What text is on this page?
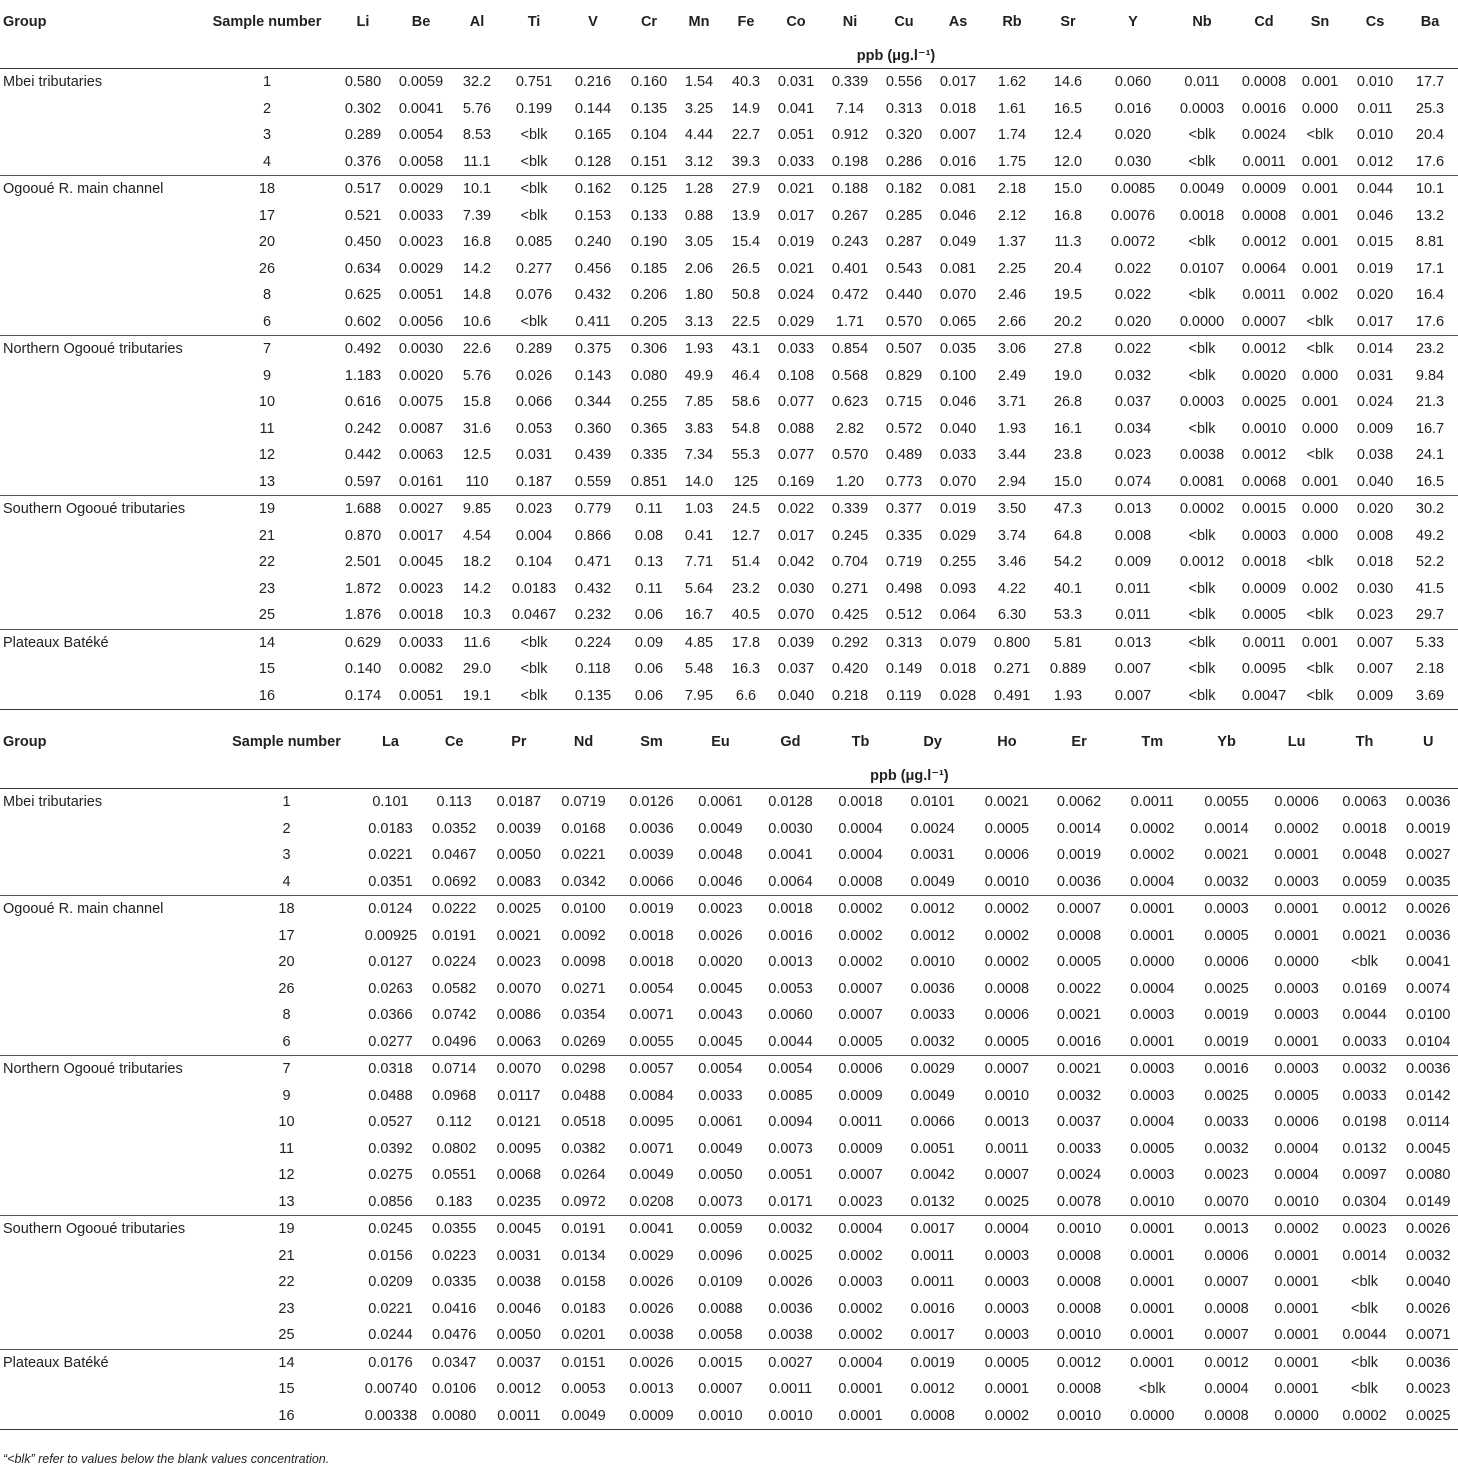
Group	Sample number	Li	Be	Al	Ti	V	Cr	Mn	Fe	Co	Ni	Cu	As	Rb	Sr	Y	Nb	Cd	Sn	Cs	Ba
		ppb (μg.l⁻¹)																			
Mbei tributaries	1	0.580	0.0059	32.2	0.751	0.216	0.160	1.54	40.3	0.031	0.339	0.556	0.017	1.62	14.6	0.060	0.011	0.0008	0.001	0.010	17.7
	2	0.302	0.0041	5.76	0.199	0.144	0.135	3.25	14.9	0.041	7.14	0.313	0.018	1.61	16.5	0.016	0.0003	0.0016	0.000	0.011	25.3
	3	0.289	0.0054	8.53	<blk	0.165	0.104	4.44	22.7	0.051	0.912	0.320	0.007	1.74	12.4	0.020	<blk	0.0024	<blk	0.010	20.4
	4	0.376	0.0058	11.1	<blk	0.128	0.151	3.12	39.3	0.033	0.198	0.286	0.016	1.75	12.0	0.030	<blk	0.0011	0.001	0.012	17.6
Ogooué R. main channel	18	0.517	0.0029	10.1	<blk	0.162	0.125	1.28	27.9	0.021	0.188	0.182	0.081	2.18	15.0	0.0085	0.0049	0.0009	0.001	0.044	10.1
	17	0.521	0.0033	7.39	<blk	0.153	0.133	0.88	13.9	0.017	0.267	0.285	0.046	2.12	16.8	0.0076	0.0018	0.0008	0.001	0.046	13.2
	20	0.450	0.0023	16.8	0.085	0.240	0.190	3.05	15.4	0.019	0.243	0.287	0.049	1.37	11.3	0.0072	<blk	0.0012	0.001	0.015	8.81
	26	0.634	0.0029	14.2	0.277	0.456	0.185	2.06	26.5	0.021	0.401	0.543	0.081	2.25	20.4	0.022	0.0107	0.0064	0.001	0.019	17.1
	8	0.625	0.0051	14.8	0.076	0.432	0.206	1.80	50.8	0.024	0.472	0.440	0.070	2.46	19.5	0.022	<blk	0.0011	0.002	0.020	16.4
	6	0.602	0.0056	10.6	<blk	0.411	0.205	3.13	22.5	0.029	1.71	0.570	0.065	2.66	20.2	0.020	0.0000	0.0007	<blk	0.017	17.6
Northern Ogooué tributaries	7	0.492	0.0030	22.6	0.289	0.375	0.306	1.93	43.1	0.033	0.854	0.507	0.035	3.06	27.8	0.022	<blk	0.0012	<blk	0.014	23.2
	9	1.183	0.0020	5.76	0.026	0.143	0.080	49.9	46.4	0.108	0.568	0.829	0.100	2.49	19.0	0.032	<blk	0.0020	0.000	0.031	9.84
	10	0.616	0.0075	15.8	0.066	0.344	0.255	7.85	58.6	0.077	0.623	0.715	0.046	3.71	26.8	0.037	0.0003	0.0025	0.001	0.024	21.3
	11	0.242	0.0087	31.6	0.053	0.360	0.365	3.83	54.8	0.088	2.82	0.572	0.040	1.93	16.1	0.034	<blk	0.0010	0.000	0.009	16.7
	12	0.442	0.0063	12.5	0.031	0.439	0.335	7.34	55.3	0.077	0.570	0.489	0.033	3.44	23.8	0.023	0.0038	0.0012	<blk	0.038	24.1
	13	0.597	0.0161	110	0.187	0.559	0.851	14.0	125	0.169	1.20	0.773	0.070	2.94	15.0	0.074	0.0081	0.0068	0.001	0.040	16.5
Southern Ogooué tributaries	19	1.688	0.0027	9.85	0.023	0.779	0.11	1.03	24.5	0.022	0.339	0.377	0.019	3.50	47.3	0.013	0.0002	0.0015	0.000	0.020	30.2
	21	0.870	0.0017	4.54	0.004	0.866	0.08	0.41	12.7	0.017	0.245	0.335	0.029	3.74	64.8	0.008	<blk	0.0003	0.000	0.008	49.2
	22	2.501	0.0045	18.2	0.104	0.471	0.13	7.71	51.4	0.042	0.704	0.719	0.255	3.46	54.2	0.009	0.0012	0.0018	<blk	0.018	52.2
	23	1.872	0.0023	14.2	0.0183	0.432	0.11	5.64	23.2	0.030	0.271	0.498	0.093	4.22	40.1	0.011	<blk	0.0009	0.002	0.030	41.5
	25	1.876	0.0018	10.3	0.0467	0.232	0.06	16.7	40.5	0.070	0.425	0.512	0.064	6.30	53.3	0.011	<blk	0.0005	<blk	0.023	29.7
Plateaux Batéké	14	0.629	0.0033	11.6	<blk	0.224	0.09	4.85	17.8	0.039	0.292	0.313	0.079	0.800	5.81	0.013	<blk	0.0011	0.001	0.007	5.33
	15	0.140	0.0082	29.0	<blk	0.118	0.06	5.48	16.3	0.037	0.420	0.149	0.018	0.271	0.889	0.007	<blk	0.0095	<blk	0.007	2.18
	16	0.174	0.0051	19.1	<blk	0.135	0.06	7.95	6.6	0.040	0.218	0.119	0.028	0.491	1.93	0.007	<blk	0.0047	<blk	0.009	3.69
Group	Sample number	La	Ce	Pr	Nd	Sm	Eu	Gd	Tb	Dy	Ho	Er	Tm	Yb	Lu	Th	U
		ppb (μg.l⁻¹)															
Mbei tributaries	1	0.101	0.113	0.0187	0.0719	0.0126	0.0061	0.0128	0.0018	0.0101	0.0021	0.0062	0.0011	0.0055	0.0006	0.0063	0.0036
	2	0.0183	0.0352	0.0039	0.0168	0.0036	0.0049	0.0030	0.0004	0.0024	0.0005	0.0014	0.0002	0.0014	0.0002	0.0018	0.0019
	3	0.0221	0.0467	0.0050	0.0221	0.0039	0.0048	0.0041	0.0004	0.0031	0.0006	0.0019	0.0002	0.0021	0.0001	0.0048	0.0027
	4	0.0351	0.0692	0.0083	0.0342	0.0066	0.0046	0.0064	0.0008	0.0049	0.0010	0.0036	0.0004	0.0032	0.0003	0.0059	0.0035
Ogooué R. main channel	18	0.0124	0.0222	0.0025	0.0100	0.0019	0.0023	0.0018	0.0002	0.0012	0.0002	0.0007	0.0001	0.0003	0.0001	0.0012	0.0026
	17	0.00925	0.0191	0.0021	0.0092	0.0018	0.0026	0.0016	0.0002	0.0012	0.0002	0.0008	0.0001	0.0005	0.0001	0.0021	0.0036
	20	0.0127	0.0224	0.0023	0.0098	0.0018	0.0020	0.0013	0.0002	0.0010	0.0002	0.0005	0.0000	0.0006	0.0000	<blk	0.0041
	26	0.0263	0.0582	0.0070	0.0271	0.0054	0.0045	0.0053	0.0007	0.0036	0.0008	0.0022	0.0004	0.0025	0.0003	0.0169	0.0074
	8	0.0366	0.0742	0.0086	0.0354	0.0071	0.0043	0.0060	0.0007	0.0033	0.0006	0.0021	0.0003	0.0019	0.0003	0.0044	0.0100
	6	0.0277	0.0496	0.0063	0.0269	0.0055	0.0045	0.0044	0.0005	0.0032	0.0005	0.0016	0.0001	0.0019	0.0001	0.0033	0.0104
Northern Ogooué tributaries	7	0.0318	0.0714	0.0070	0.0298	0.0057	0.0054	0.0054	0.0006	0.0029	0.0007	0.0021	0.0003	0.0016	0.0003	0.0032	0.0036
	9	0.0488	0.0968	0.0117	0.0488	0.0084	0.0033	0.0085	0.0009	0.0049	0.0010	0.0032	0.0003	0.0025	0.0005	0.0033	0.0142
	10	0.0527	0.112	0.0121	0.0518	0.0095	0.0061	0.0094	0.0011	0.0066	0.0013	0.0037	0.0004	0.0033	0.0006	0.0198	0.0114
	11	0.0392	0.0802	0.0095	0.0382	0.0071	0.0049	0.0073	0.0009	0.0051	0.0011	0.0033	0.0005	0.0032	0.0004	0.0132	0.0045
	12	0.0275	0.0551	0.0068	0.0264	0.0049	0.0050	0.0051	0.0007	0.0042	0.0007	0.0024	0.0003	0.0023	0.0004	0.0097	0.0080
	13	0.0856	0.183	0.0235	0.0972	0.0208	0.0073	0.0171	0.0023	0.0132	0.0025	0.0078	0.0010	0.0070	0.0010	0.0304	0.0149
Southern Ogooué tributaries	19	0.0245	0.0355	0.0045	0.0191	0.0041	0.0059	0.0032	0.0004	0.0017	0.0004	0.0010	0.0001	0.0013	0.0002	0.0023	0.0026
	21	0.0156	0.0223	0.0031	0.0134	0.0029	0.0096	0.0025	0.0002	0.0011	0.0003	0.0008	0.0001	0.0006	0.0001	0.0014	0.0032
	22	0.0209	0.0335	0.0038	0.0158	0.0026	0.0109	0.0026	0.0003	0.0011	0.0003	0.0008	0.0001	0.0007	0.0001	<blk	0.0040
	23	0.0221	0.0416	0.0046	0.0183	0.0026	0.0088	0.0036	0.0002	0.0016	0.0003	0.0008	0.0001	0.0008	0.0001	<blk	0.0026
	25	0.0244	0.0476	0.0050	0.0201	0.0038	0.0058	0.0038	0.0002	0.0017	0.0003	0.0010	0.0001	0.0007	0.0001	0.0044	0.0071
Plateaux Batéké	14	0.0176	0.0347	0.0037	0.0151	0.0026	0.0015	0.0027	0.0004	0.0019	0.0005	0.0012	0.0001	0.0012	0.0001	<blk	0.0036
	15	0.00740	0.0106	0.0012	0.0053	0.0013	0.0007	0.0011	0.0001	0.0012	0.0001	0.0008	<blk	0.0004	0.0001	<blk	0.0023
	16	0.00338	0.0080	0.0011	0.0049	0.0009	0.0010	0.0010	0.0001	0.0008	0.0002	0.0010	0.0000	0.0008	0.0000	0.0002	0.0025
“<blk” refer to values below the blank values concentration.
